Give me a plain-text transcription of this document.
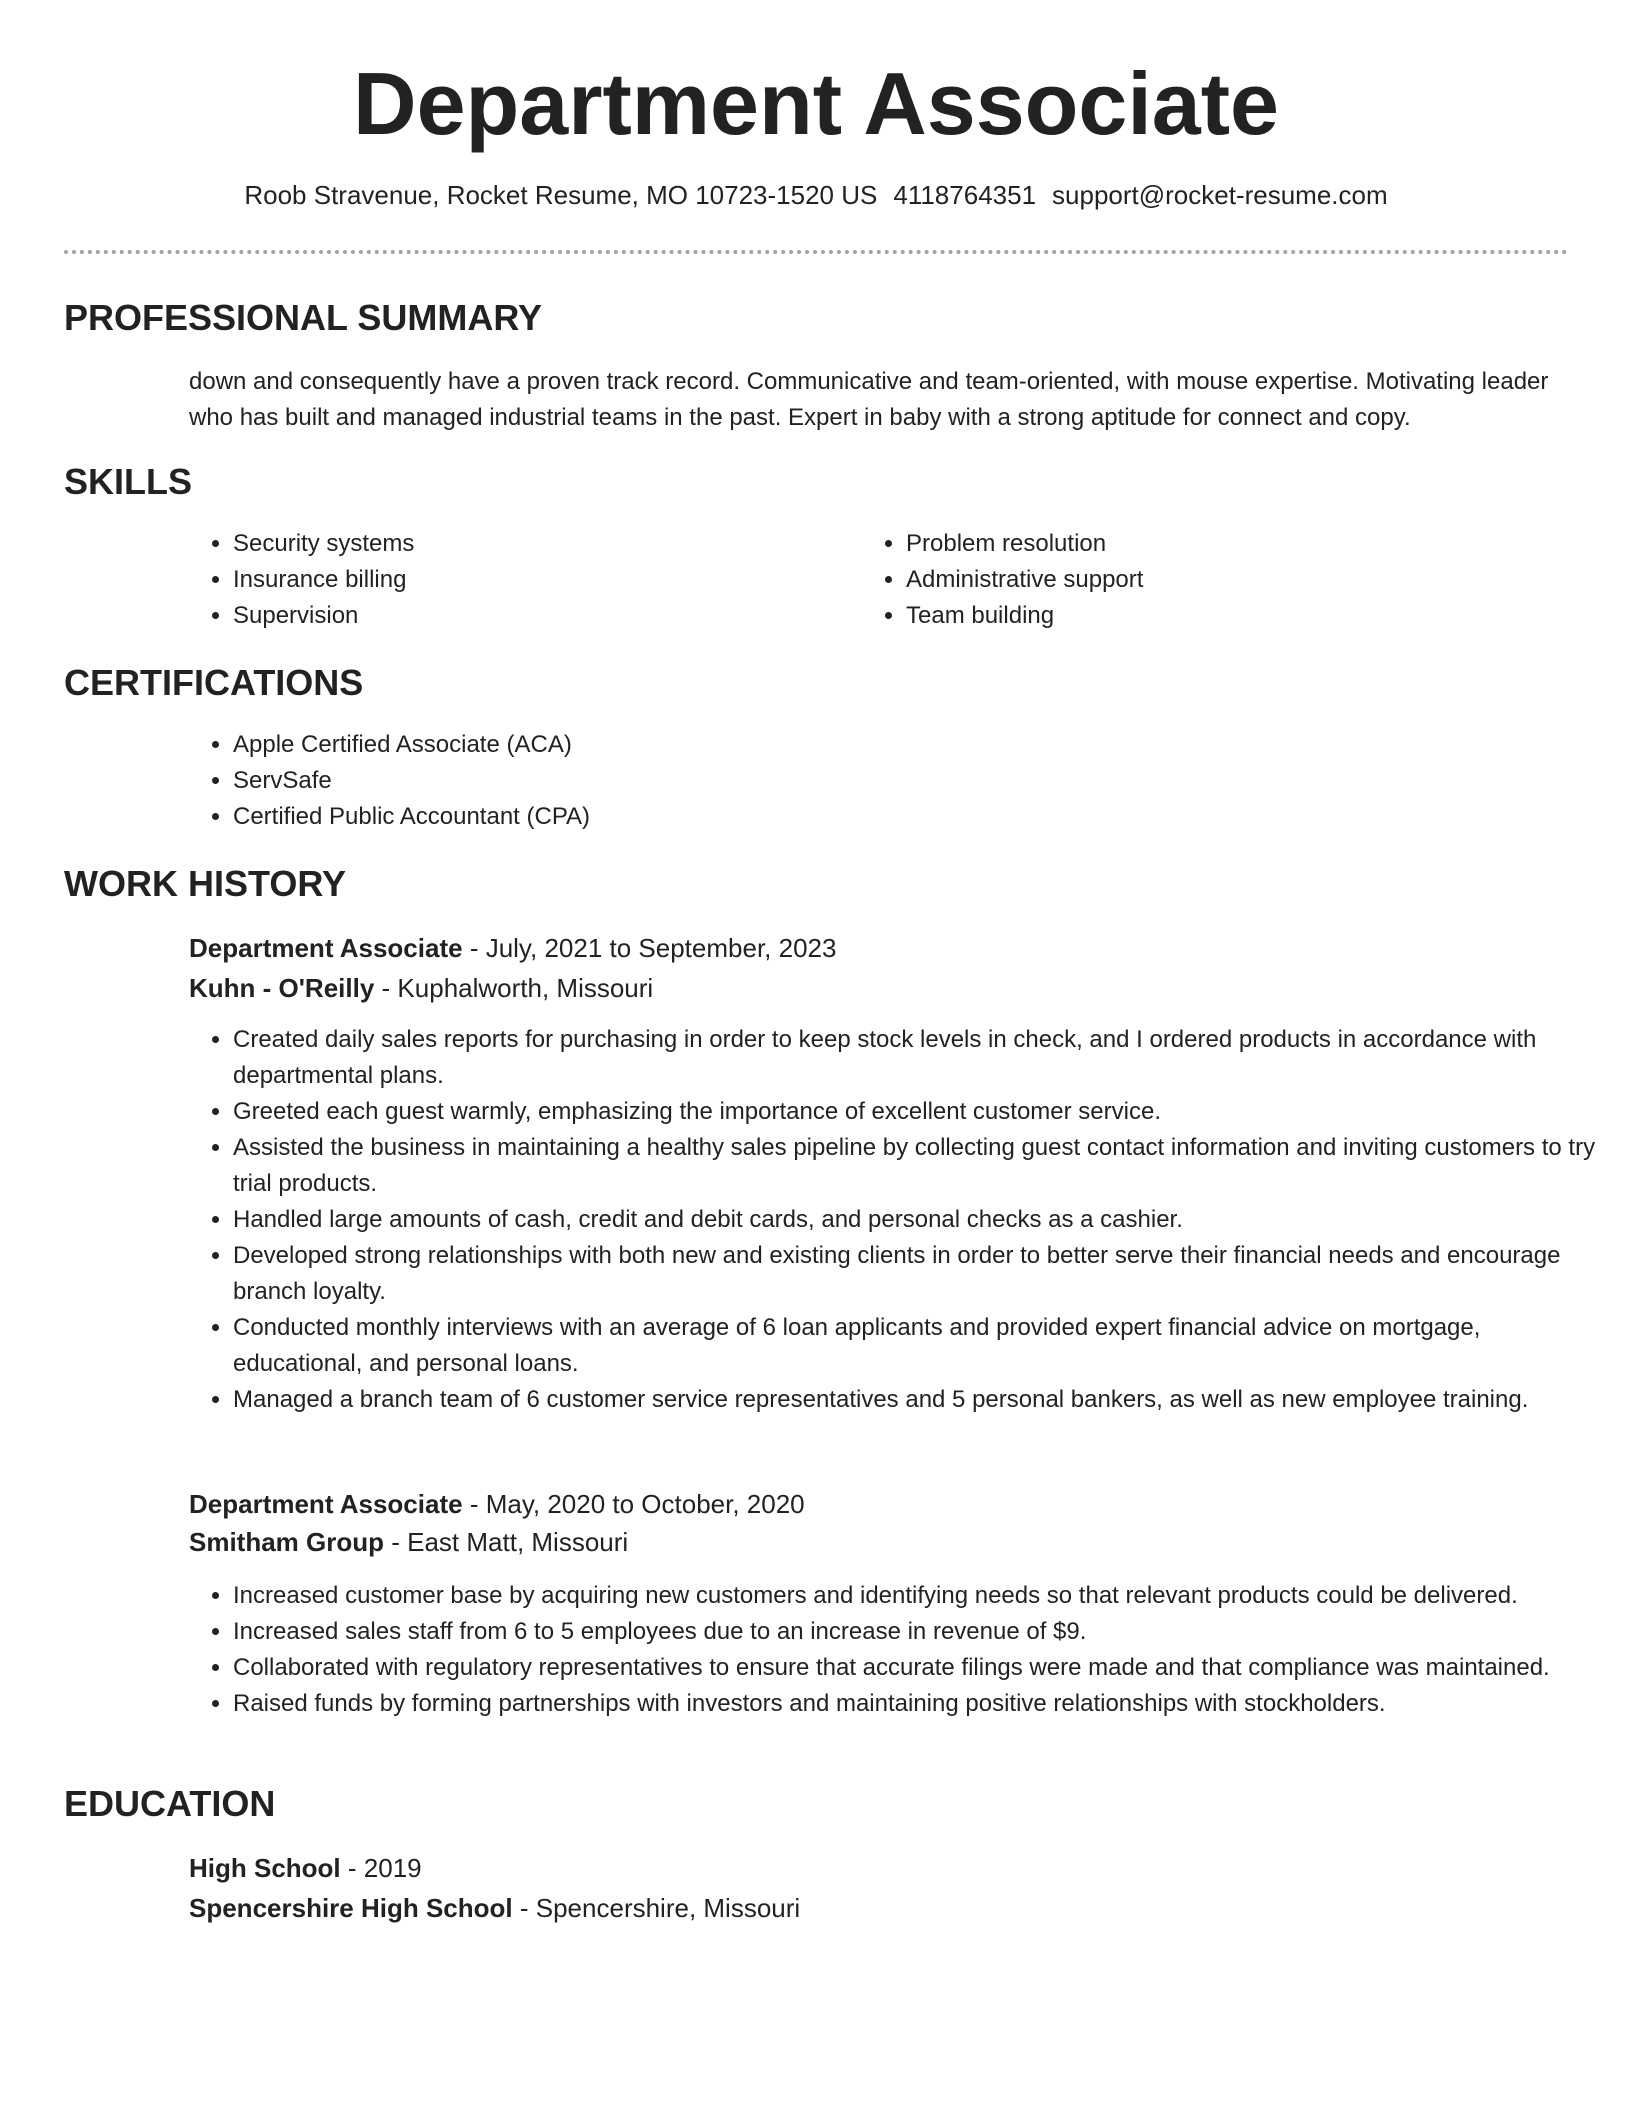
Department Associate
Roob Stravenue, Rocket Resume, MO 10723-1520 US 4118764351 support@rocket-resume.com
PROFESSIONAL SUMMARY
down and consequently have a proven track record. Communicative and team-oriented, with mouse expertise. Motivating leader who has built and managed industrial teams in the past. Expert in baby with a strong aptitude for connect and copy.
SKILLS
• Security systems
• Insurance billing
• Supervision
• Problem resolution
• Administrative support
• Team building
CERTIFICATIONS
• Apple Certified Associate (ACA)
• ServSafe
• Certified Public Accountant (CPA)
WORK HISTORY
Department Associate - July, 2021 to September, 2023
Kuhn - O'Reilly - Kuphalworth, Missouri
• Created daily sales reports for purchasing in order to keep stock levels in check, and I ordered products in accordance with departmental plans.
• Greeted each guest warmly, emphasizing the importance of excellent customer service.
• Assisted the business in maintaining a healthy sales pipeline by collecting guest contact information and inviting customers to try trial products.
• Handled large amounts of cash, credit and debit cards, and personal checks as a cashier.
• Developed strong relationships with both new and existing clients in order to better serve their financial needs and encourage branch loyalty.
• Conducted monthly interviews with an average of 6 loan applicants and provided expert financial advice on mortgage, educational, and personal loans.
• Managed a branch team of 6 customer service representatives and 5 personal bankers, as well as new employee training.
Department Associate - May, 2020 to October, 2020
Smitham Group - East Matt, Missouri
• Increased customer base by acquiring new customers and identifying needs so that relevant products could be delivered.
• Increased sales staff from 6 to 5 employees due to an increase in revenue of $9.
• Collaborated with regulatory representatives to ensure that accurate filings were made and that compliance was maintained.
• Raised funds by forming partnerships with investors and maintaining positive relationships with stockholders.
EDUCATION
High School - 2019
Spencershire High School - Spencershire, Missouri
